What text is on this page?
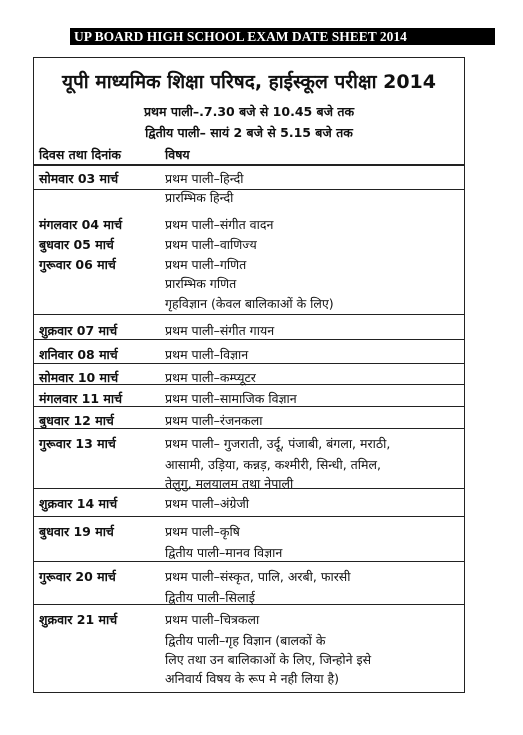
UP BOARD HIGH SCHOOL EXAM DATE SHEET 2014
यूपी माध्यमिक शिक्षा परिषद, हाईस्कूल परीक्षा 2014
प्रथम पाली–.7.30 बजे से 10.45 बजे तक
द्वितीय पाली– सायं 2 बजे से 5.15 बजे तक
दिवस तथा दिनांक	विषय
सोमवार 03 मार्च	प्रथम पाली–हिन्दी
प्रारम्भिक हिन्दी
मंगलवार 04 मार्च	प्रथम पाली–संगीत वादन
बुधवार 05 मार्च	प्रथम पाली–वाणिज्य
गुरूवार 06 मार्च	प्रथम पाली–गणित
प्रारम्भिक गणित
गृहविज्ञान (केवल बालिकाओं के लिए)
शुक्रवार 07 मार्च	प्रथम पाली–संगीत गायन
शनिवार 08 मार्च	प्रथम पाली–विज्ञान
सोमवार 10 मार्च	प्रथम पाली–कम्प्यूटर
मंगलवार 11 मार्च	प्रथम पाली–सामाजिक विज्ञान
बुधवार 12 मार्च	प्रथम पाली–रंजनकला
गुरूवार 13 मार्च	प्रथम पाली– गुजराती, उर्दू, पंजाबी, बंगला, मराठी,
आसामी, उड़िया, कन्नड़, कश्मीरी, सिन्धी, तमिल,
तेलुगु, मलयालम तथा नेपाली
शुक्रवार 14 मार्च	प्रथम पाली–अंग्रेजी
बुधवार 19 मार्च	प्रथम पाली–कृषि
द्वितीय पाली–मानव विज्ञान
गुरूवार 20 मार्च	प्रथम पाली–संस्कृत, पालि, अरबी, फारसी
द्वितीय पाली–सिलाई
शुक्रवार 21 मार्च	प्रथम पाली–चित्रकला
द्वितीय पाली–गृह विज्ञान (बालकों के
लिए तथा उन बालिकाओं के लिए, जिन्होने इसे
अनिवार्य विषय के रूप मे नही लिया है)
